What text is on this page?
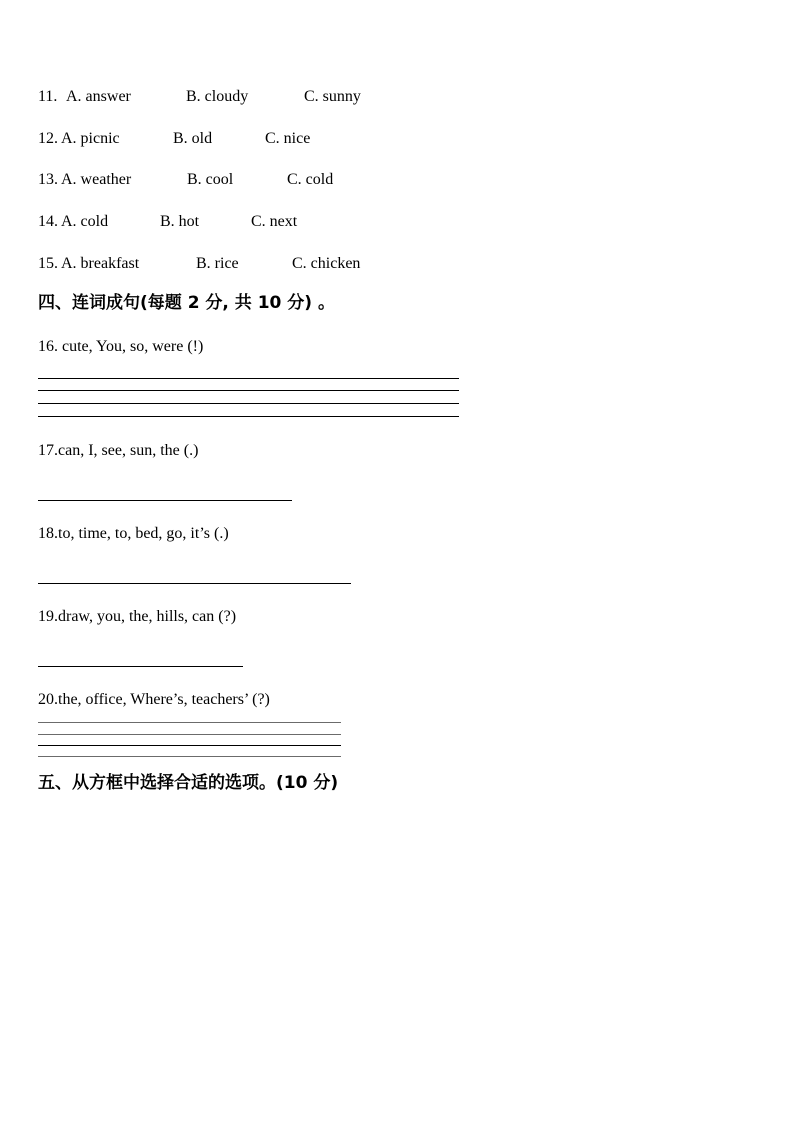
11. A. answer	B. cloudy	C. sunny
12. A. picnic	B. old	C. nice
13. A. weather	B. cool	C. cold
14. A. cold	B. hot	C. next
15. A. breakfast	B. rice	C. chicken
四、连词成句(每题 2 分, 共 10 分) 。
16. cute, You, so, were (!)
17.can, I, see, sun, the (.)
18.to, time, to, bed, go, it’s (.)
19.draw, you, the, hills, can (?)
20.the, office, Where’s, teachers’ (?)
五、从方框中选择合适的选项。(10 分)
